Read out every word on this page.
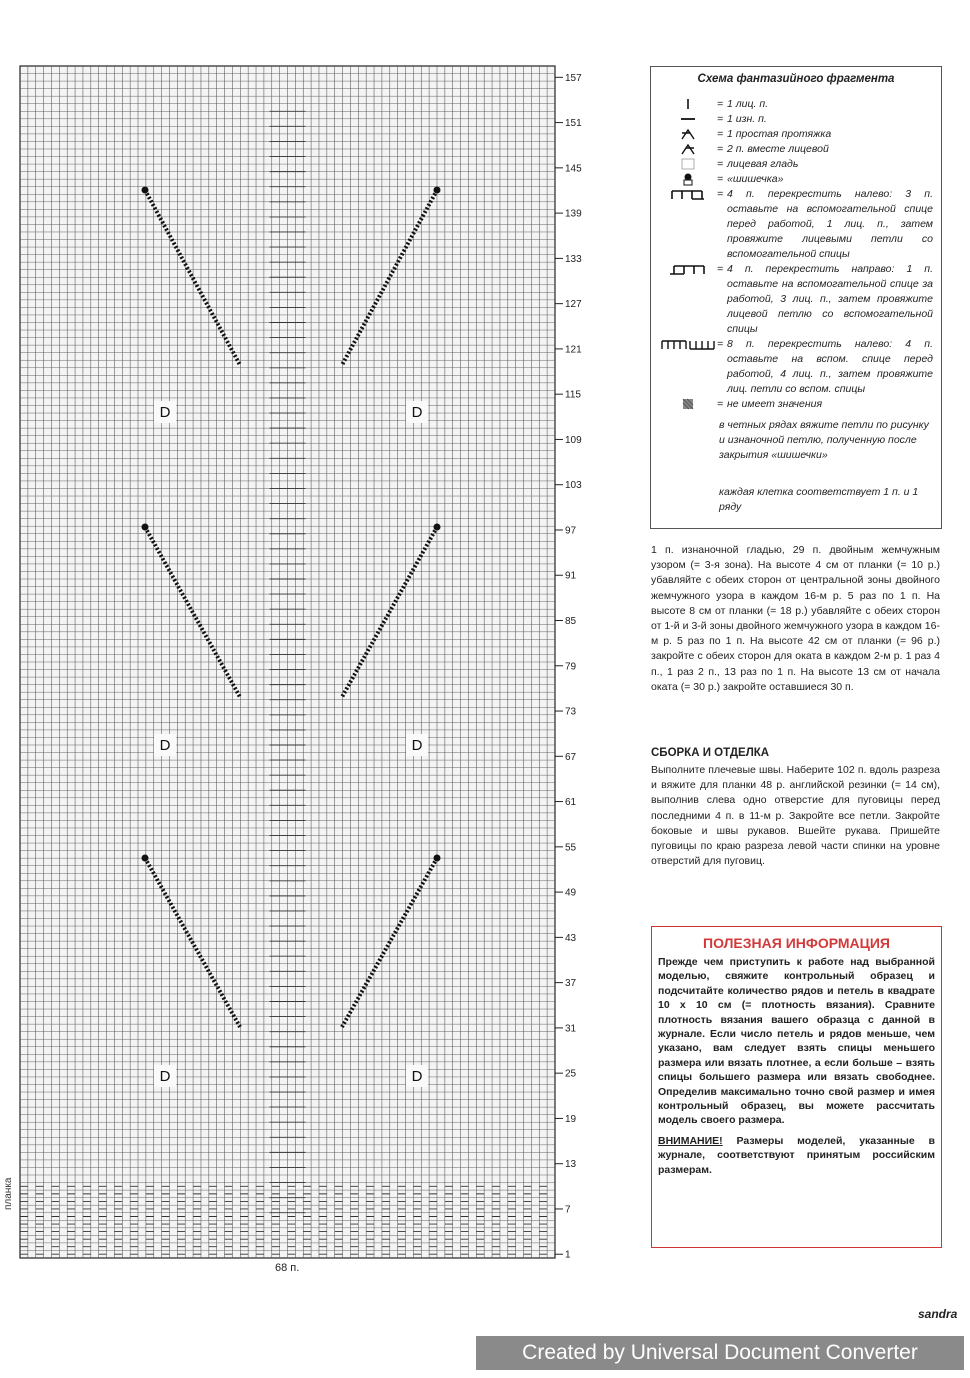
D	D
D	D
D	D
1
7
13
19
25
31
37
43
49
55
61
67
73
79
85
91
97
103
109
115
121
127
133
139
145
151
157
планка
68 п.
Схема фантазийного фрагмента
= 1 лиц. п.
= 1 изн. п.
= 1 простая протяжка
= 2 п. вместе лицевой
= лицевая гладь
= «шишечка»
= 4 п. перекрестить налево: 3 п. оставьте на вспомогательной спице перед работой, 1 лиц. п., затем провяжите лицевыми петли со вспомогательной спицы
= 4 п. перекрестить направо: 1 п. оставьте на вспомогательной спице за работой, 3 лиц. п., затем провяжите лицевой петлю со вспомогательной спицы
= 8 п. перекрестить налево: 4 п. оставьте на вспом. спице перед работой, 4 лиц. п., затем провяжите лиц. петли со вспом. спицы
= не имеет значения
в четных рядах вяжите петли по рисунку и изнаночной петлю, полученную после закрытия «шишечки»
каждая клетка соответствует 1 п. и 1 ряду
1 п. изнаночной гладью, 29 п. двойным жемчужным узором (= 3-я зона). На высоте 4 см от планки (= 10 р.) убавляйте с обеих сторон от центральной зоны двойного жемчужного узора в каждом 16-м р. 5 раз по 1 п. На высоте 8 см от планки (= 18 р.) убавляйте с обеих сторон от 1-й и 3-й зоны двойного жемчужного узора в каждом 16-м р. 5 раз по 1 п. На высоте 42 см от планки (= 96 р.) закройте с обеих сторон для оката в каждом 2-м р. 1 раз 4 п., 1 раз 2 п., 13 раз по 1 п. На высоте 13 см от начала оката (= 30 р.) закройте оставшиеся 30 п.
СБОРКА И ОТДЕЛКА
Выполните плечевые швы. Наберите 102 п. вдоль разреза и вяжите для планки 48 р. английской резинки (= 14 см), выполнив слева одно отверстие для пуговицы перед последними 4 п. в 11-м р. Закройте все петли. Закройте боковые и швы рукавов. Вшейте рукава. Пришейте пуговицы по краю разреза левой части спинки на уровне отверстий для пуговиц.
ПОЛЕЗНАЯ ИНФОРМАЦИЯ

Прежде чем приступить к работе над выбранной моделью, свяжите контрольный образец и подсчитайте количество рядов и петель в квадрате 10 х 10 см (= плотность вязания). Сравните плотность вязания вашего образца с данной в журнале. Если число петель и рядов меньше, чем указано, вам следует взять спицы меньшего размера или вязать плотнее, а если больше – взять спицы большего размера или вязать свободнее. Определив максимально точно свой размер и имея контрольный образец, вы можете рассчитать модель своего размера.

ВНИМАНИЕ! Размеры моделей, указанные в журнале, соответствуют принятым российским размерам.
sandra
Created by Universal Document Converter
